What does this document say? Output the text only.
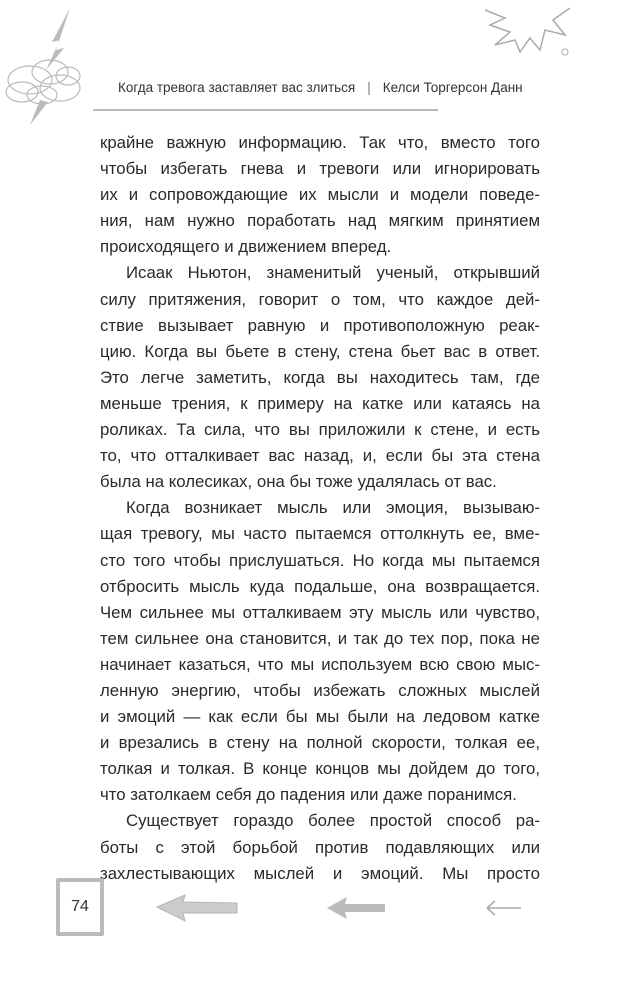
Когда тревога заставляет вас злиться | Келси Торгерсон Данн
крайне важную информацию. Так что, вместо того
чтобы избегать гнева и тревоги или игнорировать
их и сопровождающие их мысли и модели поведе-
ния, нам нужно поработать над мягким принятием
происходящего и движением вперед.
Исаак Ньютон, знаменитый ученый, открывший
силу притяжения, говорит о том, что каждое дей-
ствие вызывает равную и противоположную реак-
цию. Когда вы бьете в стену, стена бьет вас в ответ.
Это легче заметить, когда вы находитесь там, где
меньше трения, к примеру на катке или катаясь на
роликах. Та сила, что вы приложили к стене, и есть
то, что отталкивает вас назад, и, если бы эта стена
была на колесиках, она бы тоже удалялась от вас.
Когда возникает мысль или эмоция, вызываю-
щая тревогу, мы часто пытаемся оттолкнуть ее, вме-
сто того чтобы прислушаться. Но когда мы пытаемся
отбросить мысль куда подальше, она возвращается.
Чем сильнее мы отталкиваем эту мысль или чувство,
тем сильнее она становится, и так до тех пор, пока не
начинает казаться, что мы используем всю свою мыс-
ленную энергию, чтобы избежать сложных мыслей
и эмоций — как если бы мы были на ледовом катке
и врезались в стену на полной скорости, толкая ее,
толкая и толкая. В конце концов мы дойдем до того,
что затолкаем себя до падения или даже поранимся.
Существует гораздо более простой способ ра-
боты с этой борьбой против подавляющих или
захлестывающих мыслей и эмоций. Мы просто
74
